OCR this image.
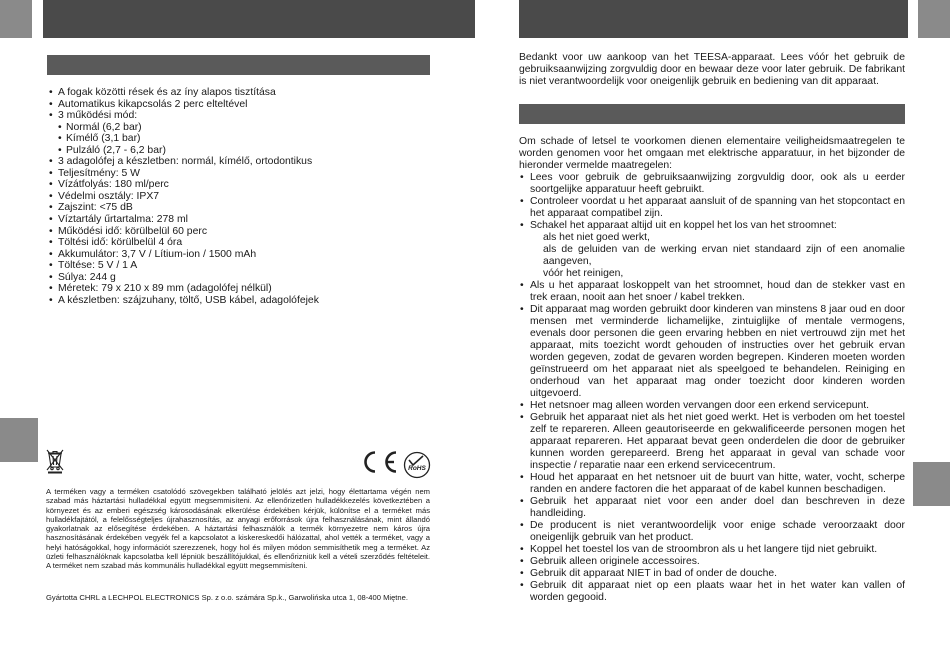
• A fogak közötti rések és az íny alapos tisztítása
• Automatikus kikapcsolás 2 perc elteltével
• 3 működési mód:
• Normál (6,2 bar)
• Kímélő (3,1 bar)
• Pulzáló (2,7 - 6,2 bar)
• 3 adagolófej a készletben: normál, kímélő, ortodontikus
• Teljesítmény: 5 W
• Vízátfolyás: 180 ml/perc
• Védelmi osztály: IPX7
• Zajszint: <75 dB
• Víztartály űrtartalma: 278 ml
• Működési idő: körülbelül 60 perc
• Töltési idő: körülbelül 4 óra
• Akkumulátor: 3,7 V / Lítium-ion / 1500 mAh
• Töltése: 5 V / 1 A
• Súlya: 244 g
• Méretek: 79 x 210 x 89 mm (adagolófej nélkül)
• A készletben: szájzuhany, töltő, USB kábel, adagolófejek
RoHS

A terméken vagy a terméken csatolódó szövegekben található jelölés azt jelzi, hogy élettartama végén nem szabad más háztartási hulladékkal együtt megsemmisíteni. Az ellenőrizetlen hulladékkezelés következtében a környezet és az emberi egészség károsodásának elkerülése érdekében kérjük, különítse el a terméket más hulladékfajtától, a felelősségteljes újrahasznosítás, az anyagi erőforrások újra felhasználásának, mint állandó gyakorlatnak az elősegítése érdekében. A háztartási felhasználók a termék környezetre nem káros újra hasznosításának érdekében vegyék fel a kapcsolatot a kiskereskedői hálózattal, ahol vették a terméket, vagy a helyi hatóságokkal, hogy információt szerezzenek, hogy hol és milyen módon semmisíthetik meg a terméket. Az üzleti felhasználóknak kapcsolatba kell lépniük beszállítójukkal, és ellenőrizniük kell a vételi szerződés feltételeit. A terméket nem szabad más kommunális hulladékkal együtt megsemmisíteni.

Gyártotta CHRL a LECHPOL ELECTRONICS Sp. z o.o. számára Sp.k., Garwolińska utca 1, 08-400 Miętne.

Bedankt voor uw aankoop van het TEESA-apparaat. Lees vóór het gebruik de gebruiksaanwijzing zorgvuldig door en bewaar deze voor later gebruik. De fabrikant is niet verantwoordelijk voor oneigenlijk gebruik en bediening van dit apparaat.

Om schade of letsel te voorkomen dienen elementaire veiligheidsmaatregelen te worden genomen voor het omgaan met elektrische apparatuur, in het bijzonder de hieronder vermelde maatregelen:

• Lees voor gebruik de gebruiksaanwijzing zorgvuldig door, ook als u eerder soortgelijke apparatuur heeft gebruikt.
• Controleer voordat u het apparaat aansluit of de spanning van het stopcontact en het apparaat compatibel zijn.
• Schakel het apparaat altijd uit en koppel het los van het stroomnet:
als het niet goed werkt,
als de geluiden van de werking ervan niet standaard zijn of een anomalie aangeven,
vóór het reinigen,
• Als u het apparaat loskoppelt van het stroomnet, houd dan de stekker vast en trek eraan, nooit aan het snoer / kabel trekken.
• Dit apparaat mag worden gebruikt door kinderen van minstens 8 jaar oud en door mensen met verminderde lichamelijke, zintuiglijke of mentale vermogens, evenals door personen die geen ervaring hebben en niet vertrouwd zijn met het apparaat, mits toezicht wordt gehouden of instructies over het gebruik ervan worden gegeven, zodat de gevaren worden begrepen. Kinderen moeten worden geïnstrueerd om het apparaat niet als speelgoed te behandelen. Reiniging en onderhoud van het apparaat mag onder toezicht door kinderen worden uitgevoerd.
• Het netsnoer mag alleen worden vervangen door een erkend servicepunt.
• Gebruik het apparaat niet als het niet goed werkt. Het is verboden om het toestel zelf te repareren. Alleen geautoriseerde en gekwalificeerde personen mogen het apparaat repareren. Het apparaat bevat geen onderdelen die door de gebruiker kunnen worden gerepareerd. Breng het apparaat in geval van schade voor inspectie / reparatie naar een erkend servicecentrum.
• Houd het apparaat en het netsnoer uit de buurt van hitte, water, vocht, scherpe randen en andere factoren die het apparaat of de kabel kunnen beschadigen.
• Gebruik het apparaat niet voor een ander doel dan beschreven in deze handleiding.
• De producent is niet verantwoordelijk voor enige schade veroorzaakt door oneigenlijk gebruik van het product.
• Koppel het toestel los van de stroombron als u het langere tijd niet gebruikt.
• Gebruik alleen originele accessoires.
• Gebruik dit apparaat NIET in bad of onder de douche.
• Gebruik dit apparaat niet op een plaats waar het in het water kan vallen of worden gegooid.
